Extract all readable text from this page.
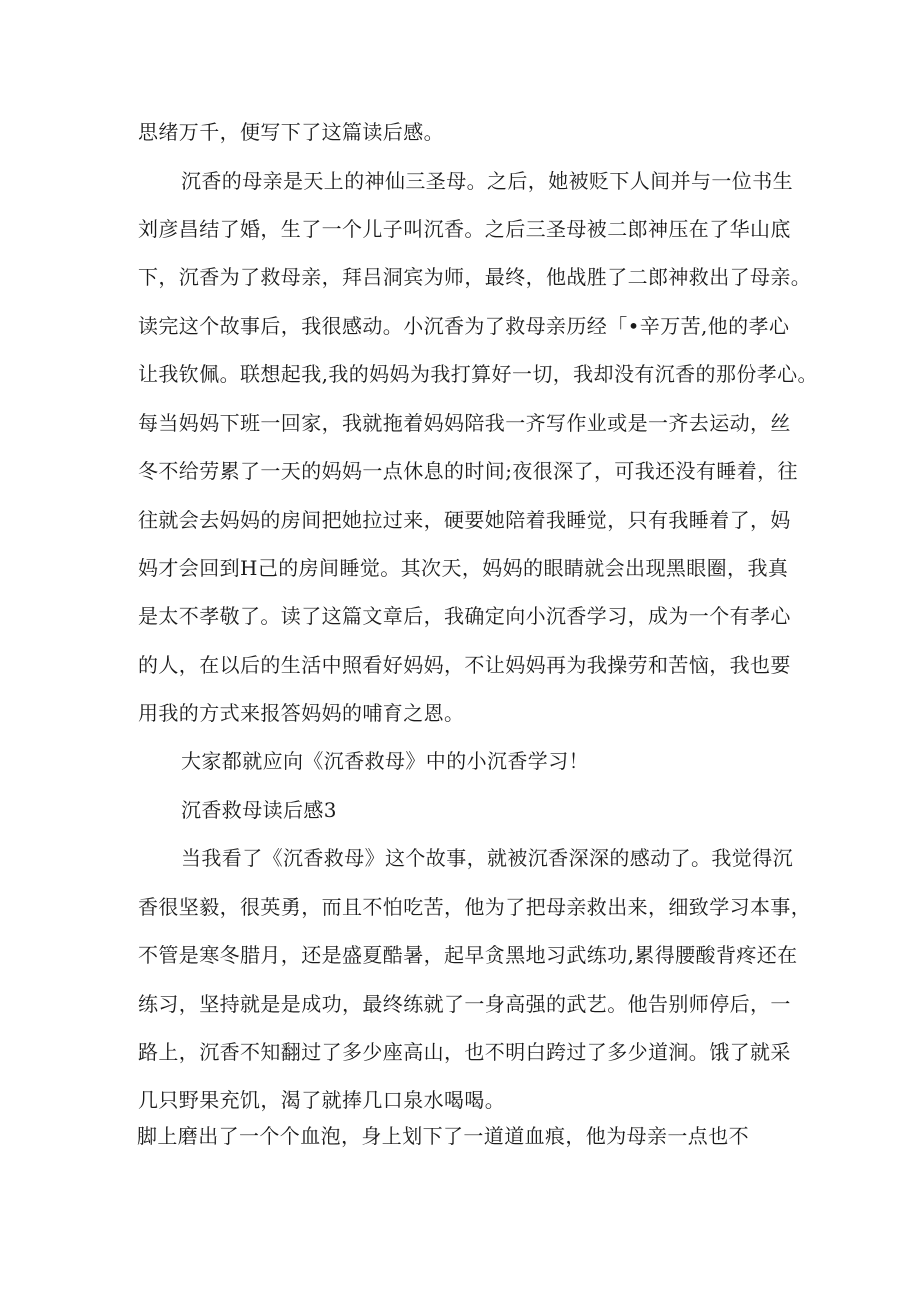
思绪万千，便写下了这篇读后感。
沉香的母亲是天上的神仙三圣母。之后，她被贬下人间并与一位书生
刘彦昌结了婚，生了一个儿子叫沉香。之后三圣母被二郎神压在了华山底
下，沉香为了救母亲，拜吕洞宾为师，最终，他战胜了二郎神救出了母亲。
读完这个故事后，我很感动。小沉香为了救母亲历经「•辛万苦,他的孝心
让我钦佩。联想起我,我的妈妈为我打算好一切，我却没有沉香的那份孝心。
每当妈妈下班一回家，我就拖着妈妈陪我一齐写作业或是一齐去运动，丝
冬不给劳累了一天的妈妈一点休息的时间;夜很深了，可我还没有睡着，往
往就会去妈妈的房间把她拉过来，硬要她陪着我睡觉，只有我睡着了，妈
妈才会回到H己的房间睡觉。其次天，妈妈的眼睛就会出现黑眼圈，我真
是太不孝敬了。读了这篇文章后，我确定向小沉香学习，成为一个有孝心
的人，在以后的生活中照看好妈妈，不让妈妈再为我操劳和苦恼，我也要
用我的方式来报答妈妈的哺育之恩。
大家都就应向《沉香救母》中的小沉香学习！
沉香救母读后感3
当我看了《沉香救母》这个故事，就被沉香深深的感动了。我觉得沉
香很坚毅，很英勇，而且不怕吃苦，他为了把母亲救出来，细致学习本事，
不管是寒冬腊月，还是盛夏酷暑，起早贪黑地习武练功,累得腰酸背疼还在
练习，坚持就是是成功，最终练就了一身高强的武艺。他告别师停后，一
路上，沉香不知翻过了多少座高山，也不明白跨过了多少道涧。饿了就采
几只野果充饥，渴了就捧几口泉水喝喝。
脚上磨出了一个个血泡，身上划下了一道道血痕，他为母亲一点也不
